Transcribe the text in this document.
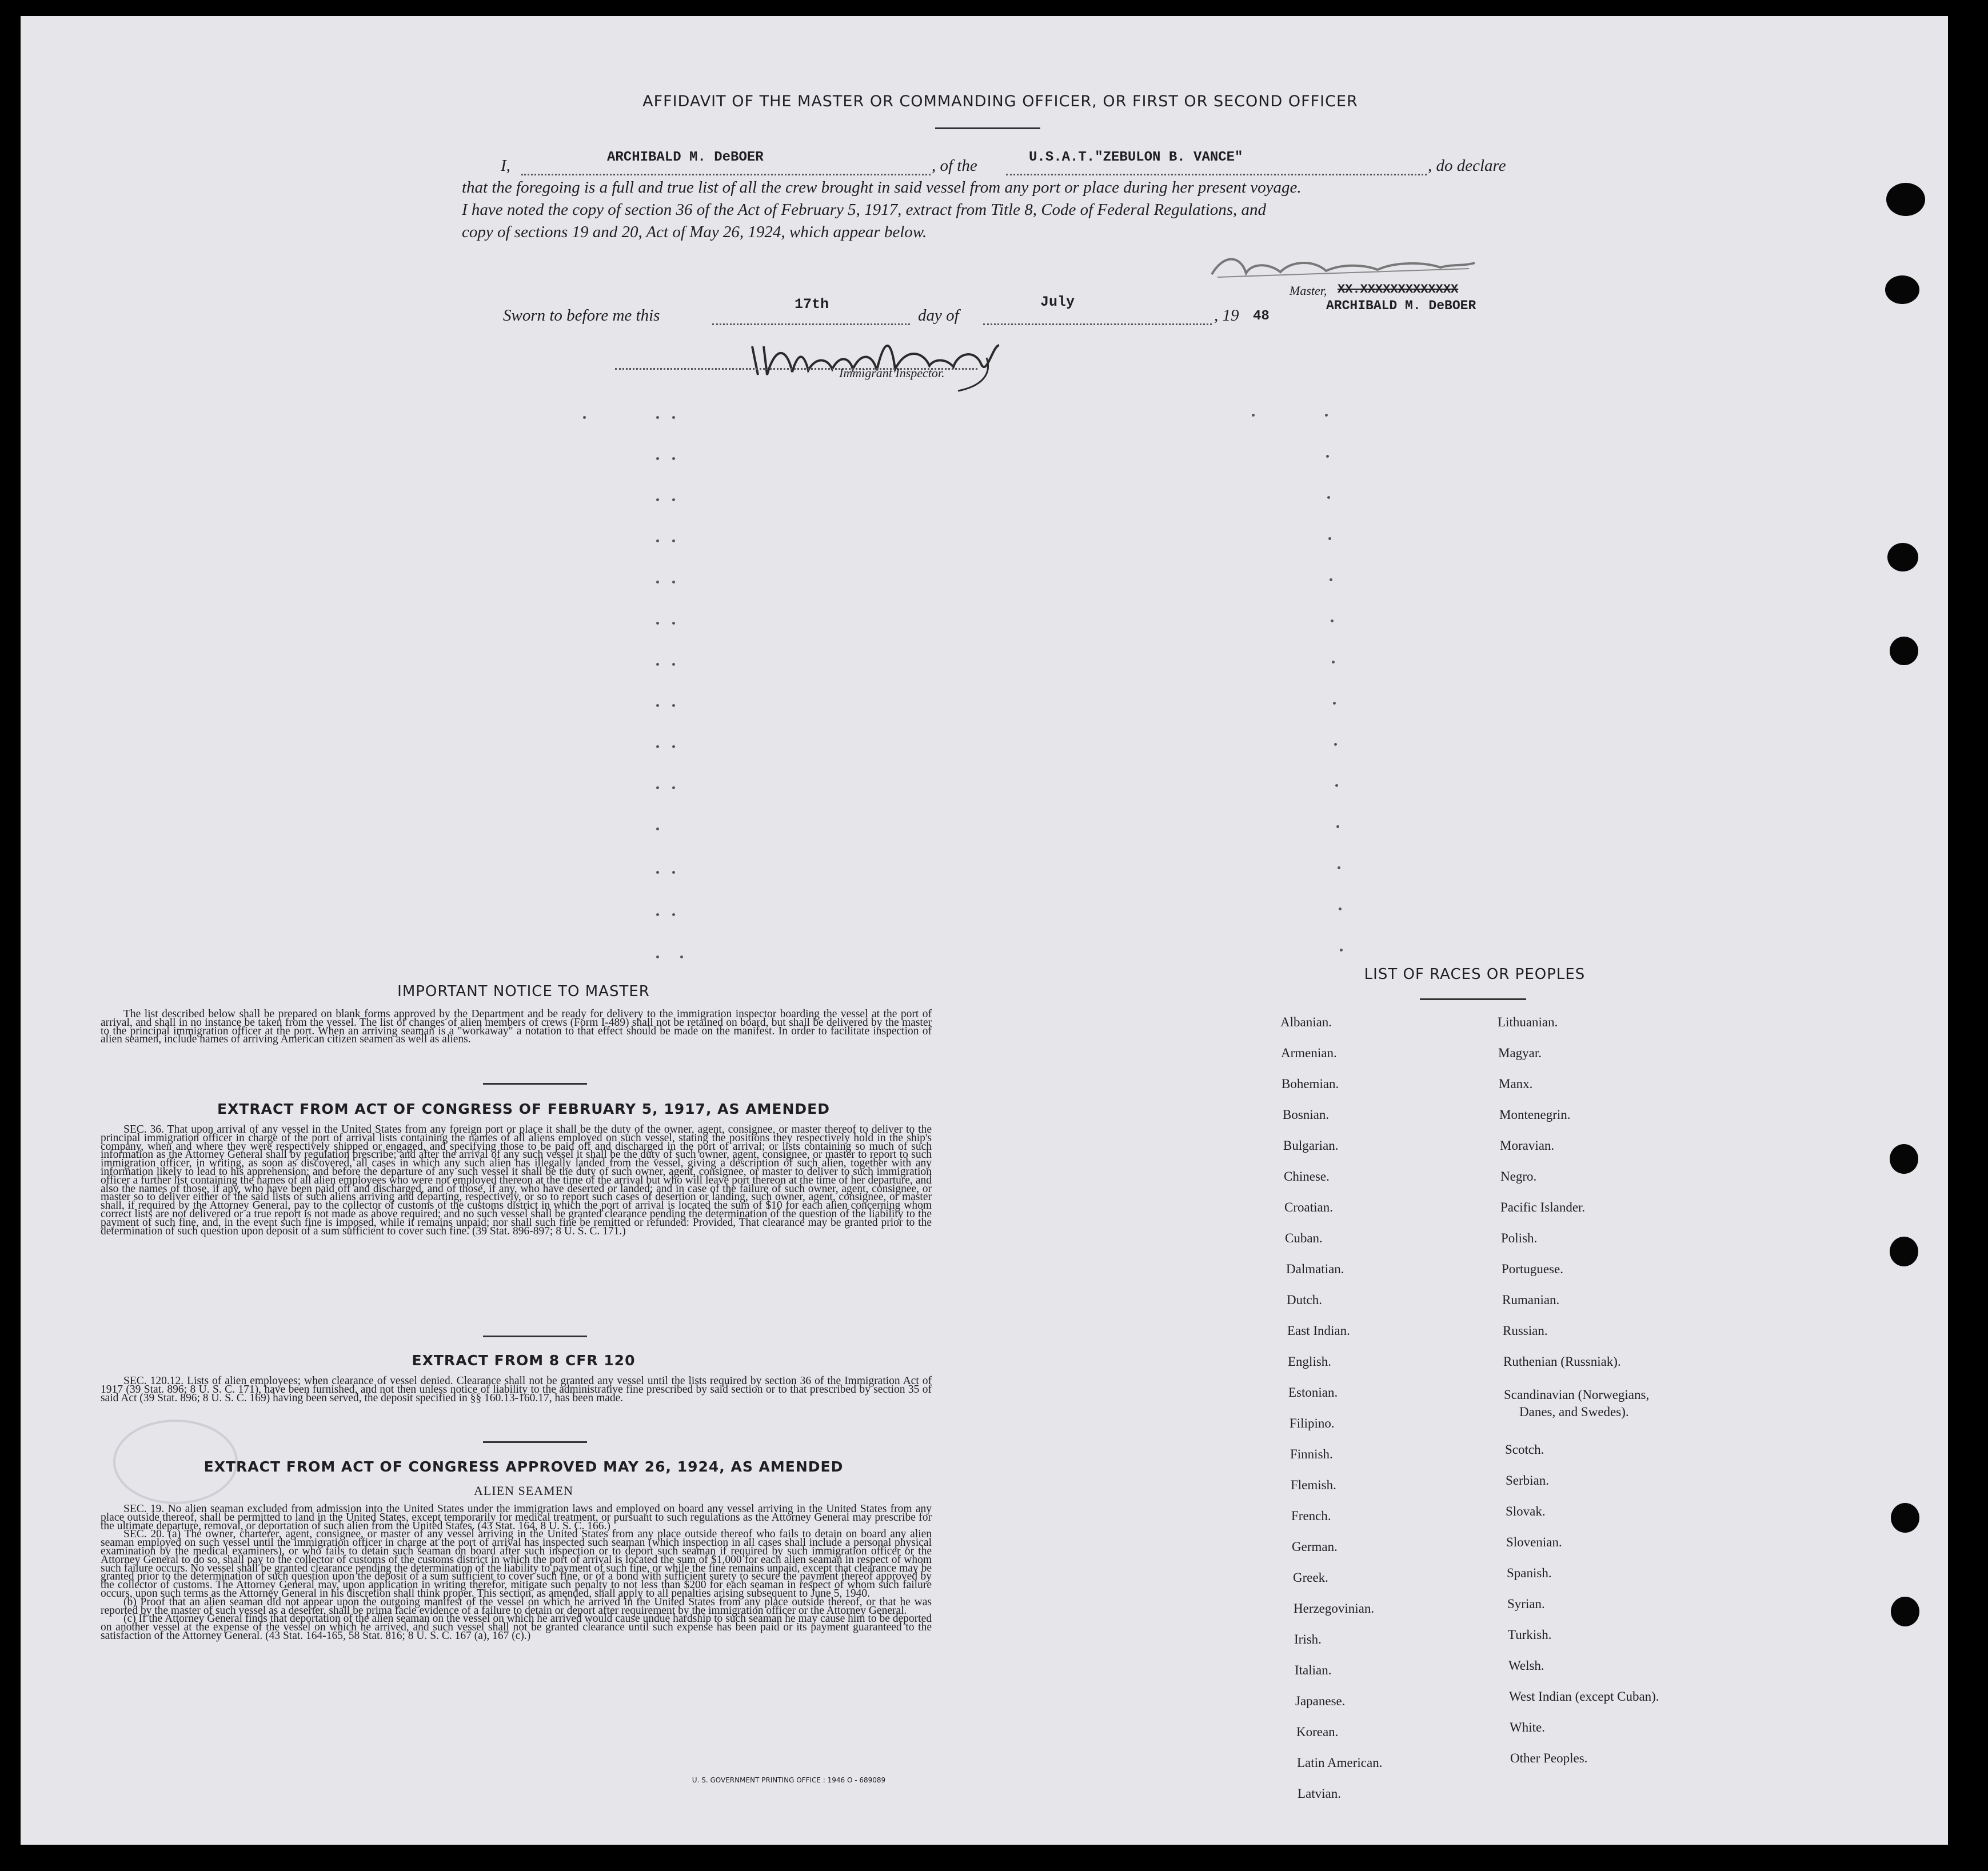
AFFIDAVIT OF THE MASTER OR COMMANDING OFFICER, OR FIRST OR SECOND OFFICER
I,	ARCHIBALD M. DeBOER	, of the	U.S.A.T."ZEBULON B. VANCE"	, do declare
that the foregoing is a full and true list of all the crew brought in said vessel from any port or place during her present voyage.
I have noted the copy of section 36 of the Act of February 5, 1917, extract from Title 8, Code of Federal Regulations, and
copy of sections 19 and 20, Act of May 26, 1924, which appear below.
Master, XX.XXXXXXXXXXXXX
ARCHIBALD M. DeBOER
Sworn to before me this
17th
day of
July
, 19 48
Immigrant Inspector.
IMPORTANT NOTICE TO MASTER

The list described below shall be prepared on blank forms approved by the Department and be ready for delivery to the immigration inspector boarding the vessel at the port of arrival, and shall in no instance be taken from the vessel. The list of changes of alien members of crews (Form I-489) shall not be retained on board, but shall be delivered by the master to the principal immigration officer at the port. When an arriving seaman is a "workaway" a notation to that effect should be made on the manifest. In order to facilitate inspection of alien seamen, include names of arriving American citizen seamen as well as aliens.

EXTRACT FROM ACT OF CONGRESS OF FEBRUARY 5, 1917, AS AMENDED

SEC. 36. That upon arrival of any vessel in the United States from any foreign port or place it shall be the duty of the owner, agent, consignee, or master thereof to deliver to the principal immigration officer in charge of the port of arrival lists containing the names of all aliens employed on such vessel, stating the positions they respectively hold in the ship's company, when and where they were respectively shipped or engaged, and specifying those to be paid off and discharged in the port of arrival; or lists containing so much of such information as the Attorney General shall by regulation prescribe; and after the arrival of any such vessel it shall be the duty of such owner, agent, consignee, or master to report to such immigration officer, in writing, as soon as discovered, all cases in which any such alien has illegally landed from the vessel, giving a description of such alien, together with any information likely to lead to his apprehension; and before the departure of any such vessel it shall be the duty of such owner, agent, consignee, or master to deliver to such immigration officer a further list containing the names of all alien employees who were not employed thereon at the time of the arrival but who will leave port thereon at the time of her departure, and also the names of those, if any, who have been paid off and discharged, and of those, if any, who have deserted or landed; and in case of the failure of such owner, agent, consignee, or master so to deliver either of the said lists of such aliens arriving and departing, respectively, or so to report such cases of desertion or landing, such owner, agent, consignee, or master shall, if required by the Attorney General, pay to the collector of customs of the customs district in which the port of arrival is located the sum of $10 for each alien concerning whom correct lists are not delivered or a true report is not made as above required; and no such vessel shall be granted clearance pending the determination of the question of the liability to the payment of such fine, and, in the event such fine is imposed, while it remains unpaid; nor shall such fine be remitted or refunded: Provided, That clearance may be granted prior to the determination of such question upon deposit of a sum sufficient to cover such fine. (39 Stat. 896-897; 8 U. S. C. 171.)

EXTRACT FROM 8 CFR 120

SEC. 120.12. Lists of alien employees; when clearance of vessel denied. Clearance shall not be granted any vessel until the lists required by section 36 of the Immigration Act of 1917 (39 Stat. 896; 8 U. S. C. 171), have been furnished, and not then unless notice of liability to the administrative fine prescribed by said section or to that prescribed by section 35 of said Act (39 Stat. 896; 8 U. S. C. 169) having been served, the deposit specified in §§ 160.13-160.17, has been made.

EXTRACT FROM ACT OF CONGRESS APPROVED MAY 26, 1924, AS AMENDED
ALIEN SEAMEN

SEC. 19. No alien seaman excluded from admission into the United States under the immigration laws and employed on board any vessel arriving in the United States from any place outside thereof, shall be permitted to land in the United States, except temporarily for medical treatment, or pursuant to such regulations as the Attorney General may prescribe for the ultimate departure, removal, or deportation of such alien from the United States. (43 Stat. 164, 8 U. S. C. 166.)

SEC. 20. (a) The owner, charterer, agent, consignee, or master of any vessel arriving in the United States from any place outside thereof who fails to detain on board any alien seaman employed on such vessel until the immigration officer in charge at the port of arrival has inspected such seaman (which inspection in all cases shall include a personal physical examination by the medical examiners), or who fails to detain such seaman on board after such inspection or to deport such seaman if required by such immigration officer or the Attorney General to do so, shall pay to the collector of customs of the customs district in which the port of arrival is located the sum of $1,000 for each alien seaman in respect of whom such failure occurs. No vessel shall be granted clearance pending the determination of the liability to payment of such fine, or while the fine remains unpaid, except that clearance may be granted prior to the determination of such question upon the deposit of a sum sufficient to cover such fine, or of a bond with sufficient surety to secure the payment thereof approved by the collector of customs. The Attorney General may, upon application in writing therefor, mitigate such penalty to not less than $200 for each seaman in respect of whom such failure occurs, upon such terms as the Attorney General in his discretion shall think proper. This section, as amended, shall apply to all penalties arising subsequent to June 5, 1940.

(b) Proof that an alien seaman did not appear upon the outgoing manifest of the vessel on which he arrived in the United States from any place outside thereof, or that he was reported by the master of such vessel as a deserter, shall be prima facie evidence of a failure to detain or deport after requirement by the immigration officer or the Attorney General.

(c) If the Attorney General finds that deportation of the alien seaman on the vessel on which he arrived would cause undue hardship to such seaman he may cause him to be deported on another vessel at the expense of the vessel on which he arrived, and such vessel shall not be granted clearance until such expense has been paid or its payment guaranteed to the satisfaction of the Attorney General. (43 Stat. 164-165, 58 Stat. 816; 8 U. S. C. 167 (a), 167 (c).)

U. S. GOVERNMENT PRINTING OFFICE : 1946 O - 689089
LIST OF RACES OR PEOPLES
Albanian.
Armenian.
Bohemian.
Bosnian.
Bulgarian.
Chinese.
Croatian.
Cuban.
Dalmatian.
Dutch.
East Indian.
English.
Estonian.
Filipino.
Finnish.
Flemish.
French.
German.
Greek.
Herzegovinian.
Irish.
Italian.
Japanese.
Korean.
Latin American.
Latvian.
Lithuanian.
Magyar.
Manx.
Montenegrin.
Moravian.
Negro.
Pacific Islander.
Polish.
Portuguese.
Rumanian.
Russian.
Ruthenian (Russniak).
Scandinavian (Norwegians,
Danes, and Swedes).
Scotch.
Serbian.
Slovak.
Slovenian.
Spanish.
Syrian.
Turkish.
Welsh.
West Indian (except Cuban).
White.
Other Peoples.
